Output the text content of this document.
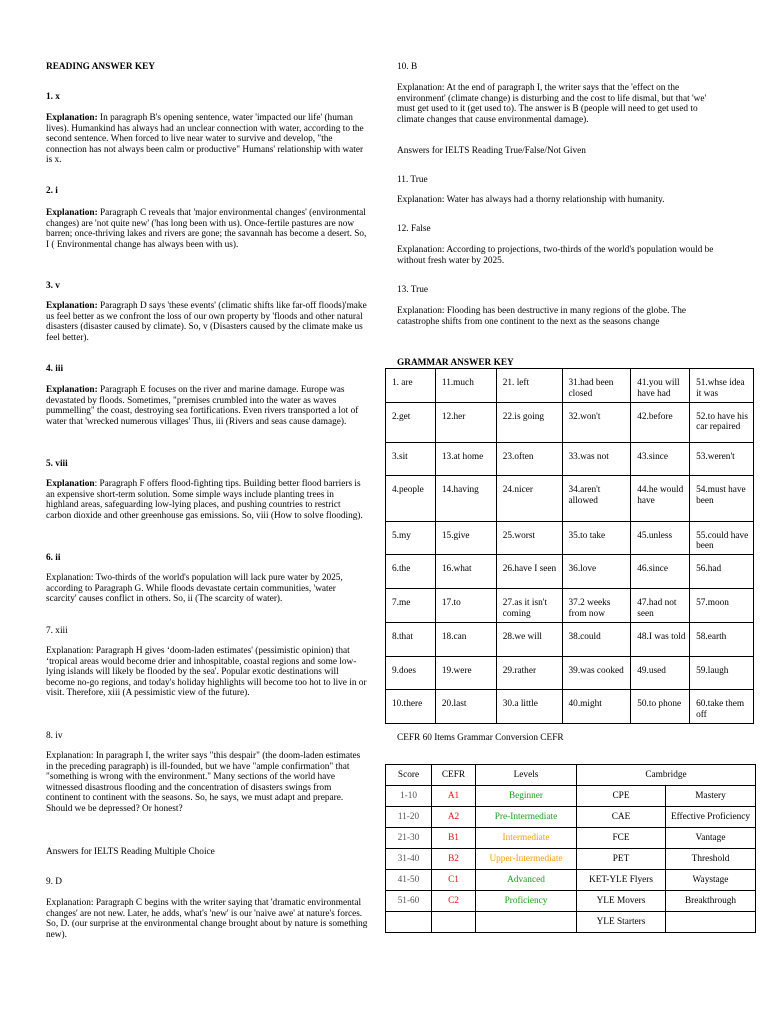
READING ANSWER KEY
1. x
Explanation: In paragraph B's opening sentence, water 'impacted our life' (human lives). Humankind has always had an unclear connection with water, according to the second sentence. When forced to live near water to survive and develop, "the connection has not always been calm or productive" Humans' relationship with water is x.
2. i
Explanation: Paragraph C reveals that 'major environmental changes' (environmental changes) are 'not quite new' ('has long been with us). Once-fertile pastures are now barren; once-thriving lakes and rivers are gone; the savannah has become a desert. So, I ( Environmental change has always been with us).
3. v
Explanation: Paragraph D says 'these events' (climatic shifts like far-off floods)'make us feel better as we confront the loss of our own property by 'floods and other natural disasters (disaster caused by climate). So, v (Disasters caused by the climate make us feel better).
4. iii
Explanation: Paragraph E focuses on the river and marine damage. Europe was devastated by floods. Sometimes, "premises crumbled into the water as waves pummelling" the coast, destroying sea fortifications. Even rivers transported a lot of water that 'wrecked numerous villages' Thus, iii (Rivers and seas cause damage).
5. viii
Explanation: Paragraph F offers flood-fighting tips. Building better flood barriers is an expensive short-term solution. Some simple ways include planting trees in highland areas, safeguarding low-lying places, and pushing countries to restrict carbon dioxide and other greenhouse gas emissions. So, viii (How to solve flooding).
6. ii
Explanation: Two-thirds of the world's population will lack pure water by 2025, according to Paragraph G. While floods devastate certain communities, 'water scarcity' causes conflict in others. So, ii (The scarcity of water).
7. xiii
Explanation: Paragraph H gives ‘doom-laden estimates' (pessimistic opinion) that ‘tropical areas would become drier and inhospitable, coastal regions and some low-lying islands will likely be flooded by the sea'. Popular exotic destinations will become no-go regions, and today's holiday highlights will become too hot to live in or visit. Therefore, xiii (A pessimistic view of the future).
8. iv
Explanation: In paragraph I, the writer says "this despair" (the doom-laden estimates in the preceding paragraph) is ill-founded, but we have "ample confirmation" that "something is wrong with the environment." Many sections of the world have witnessed disastrous flooding and the concentration of disasters swings from continent to continent with the seasons. So, he says, we must adapt and prepare. Should we be depressed? Or honest?
Answers for IELTS Reading Multiple Choice
9. D
Explanation: Paragraph C begins with the writer saying that 'dramatic environmental changes' are not new. Later, he adds, what's 'new' is our 'naive awe' at nature's forces. So, D. (our surprise at the environmental change brought about by nature is something new).
10. B
Explanation: At the end of paragraph I, the writer says that the 'effect on the environment' (climate change) is disturbing and the cost to life dismal, but that 'we' must get used to it (get used to). The answer is B (people will need to get used to climate changes that cause environmental damage).
Answers for IELTS Reading True/False/Not Given
11. True
Explanation: Water has always had a thorny relationship with humanity.
12. False
Explanation: According to projections, two-thirds of the world's population would be without fresh water by 2025.
13. True
Explanation: Flooding has been destructive in many regions of the globe. The catastrophe shifts from one continent to the next as the seasons change
GRAMMAR ANSWER KEY
CEFR 60 Items Grammar Conversion CEFR
1. are	11.much	21. left	31.had been closed	41.you will have had	51.whse idea it was
2.get	12.her	22.is going	32.won't	42.before	52.to have his car repaired
3.sit	13.at home	23.often	33.was not	43.since	53.weren't
4.people	14.having	24.nicer	34.aren't allowed	44.he would have	54.must have been
5.my	15.give	25.worst	35.to take	45.unless	55.could have been
6.the	16.what	26.have I seen	36.love	46.since	56.had
7.me	17.to	27.as it isn't coming	37.2 weeks from now	47.had not seen	57.moon
8.that	18.can	28.we will	38.could	48.I was told	58.earth
9.does	19.were	29.rather	39.was cooked	49.used	59.laugh
10.there	20.last	30.a little	40.might	50.to phone	60.take them off
Score	CEFR	Levels	Cambridge	
1-10	A1	Beginner	CPE	Mastery
11-20	A2	Pre-Intermediate	CAE	Effective Proficiency
21-30	B1	Intermediate	FCE	Vantage
31-40	B2	Upper-Intermediate	PET	Threshold
41-50	C1	Advanced	KET-YLE Flyers	Waystage
51-60	C2	Proficiency	YLE Movers	Breakthrough
			YLE Starters	
